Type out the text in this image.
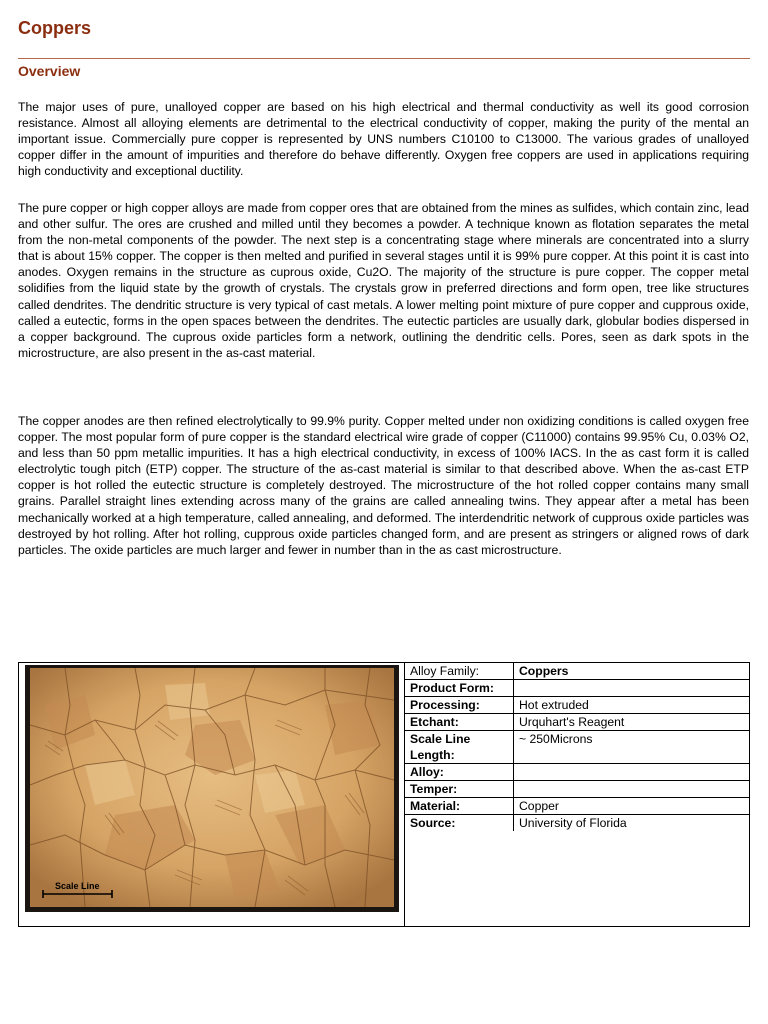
Coppers
Overview

The major uses of pure, unalloyed copper are based on his high electrical and thermal conductivity as well its good corrosion resistance. Almost all alloying elements are detrimental to the electrical conductivity of copper, making the purity of the mental an important issue. Commercially pure copper is represented by UNS numbers C10100 to C13000. The various grades of unalloyed copper differ in the amount of impurities and therefore do behave differently. Oxygen free coppers are used in applications requiring high conductivity and exceptional ductility.

The pure copper or high copper alloys are made from copper ores that are obtained from the mines as sulfides, which contain zinc, lead and other sulfur. The ores are crushed and milled until they becomes a powder. A technique known as flotation separates the metal from the non-metal components of the powder. The next step is a concentrating stage where minerals are concentrated into a slurry that is about 15% copper. The copper is then melted and purified in several stages until it is 99% pure copper. At this point it is cast into anodes. Oxygen remains in the structure as cuprous oxide, Cu2O. The majority of the structure is pure copper. The copper metal solidifies from the liquid state by the growth of crystals. The crystals grow in preferred directions and form open, tree like structures called dendrites. The dendritic structure is very typical of cast metals. A lower melting point mixture of pure copper and cupprous oxide, called a eutectic, forms in the open spaces between the dendrites. The eutectic particles are usually dark, globular bodies dispersed in a copper background. The cuprous oxide particles form a network, outlining the dendritic cells. Pores, seen as dark spots in the microstructure, are also present in the as-cast material.

The copper anodes are then refined electrolytically to 99.9% purity. Copper melted under non oxidizing conditions is called oxygen free copper. The most popular form of pure copper is the standard electrical wire grade of copper (C11000) contains 99.95% Cu, 0.03% O2, and less than 50 ppm metallic impurities. It has a high electrical conductivity, in excess of 100% IACS. In the as cast form it is called electrolytic tough pitch (ETP) copper. The structure of the as-cast material is similar to that described above. When the as-cast ETP copper is hot rolled the eutectic structure is completely destroyed. The microstructure of the hot rolled copper contains many small grains. Parallel straight lines extending across many of the grains are called annealing twins. They appear after a metal has been mechanically worked at a high temperature, called annealing, and deformed. The interdendritic network of cupprous oxide particles was destroyed by hot rolling. After hot rolling, cupprous oxide particles changed form, and are present as stringers or aligned rows of dark particles. The oxide particles are much larger and fewer in number than in the as cast microstructure.

Scale Line
Alloy Family:	Coppers
Product Form:	
Processing:	Hot extruded
Etchant:	Urquhart's Reagent
Scale Line Length:	~ 250Microns
Alloy:	
Temper:	
Material:	Copper
Source:	University of Florida
